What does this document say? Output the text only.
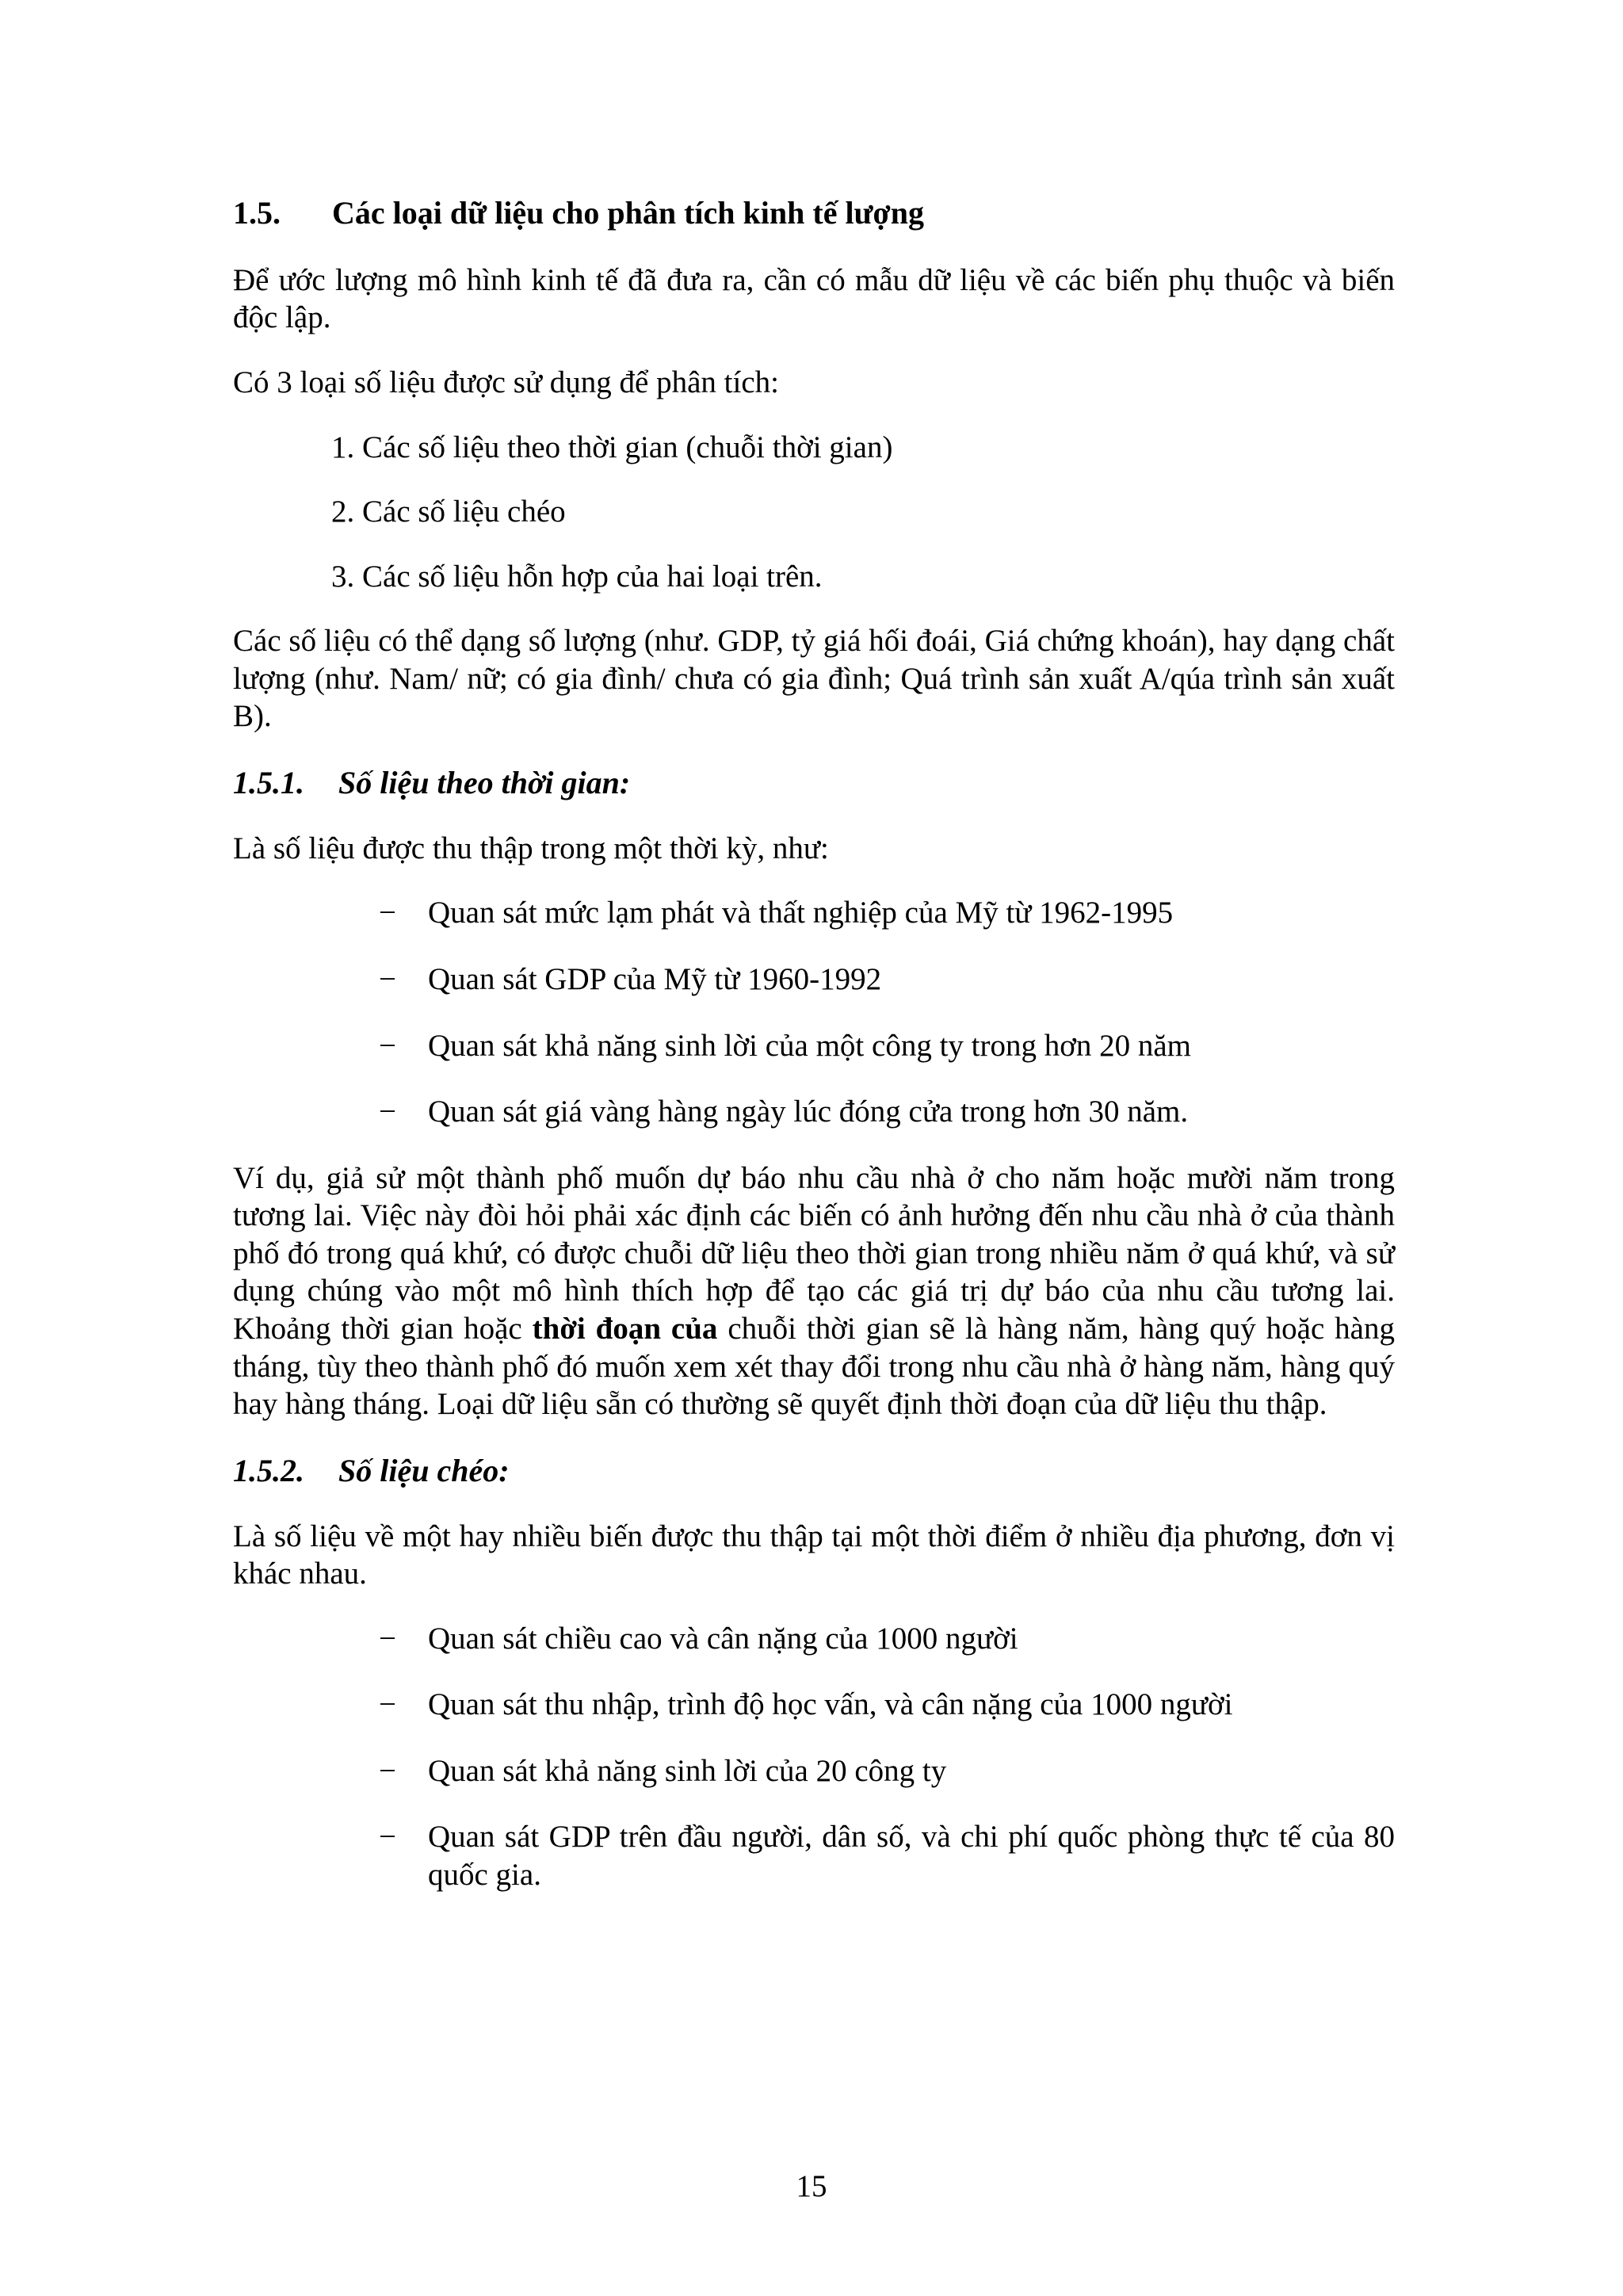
1.5. Các loại dữ liệu cho phân tích kinh tế lượng

Để ước lượng mô hình kinh tế đã đưa ra, cần có mẫu dữ liệu về các biến phụ thuộc và biến độc lập.

Có 3 loại số liệu được sử dụng để phân tích:

1. Các số liệu theo thời gian (chuỗi thời gian)
2. Các số liệu chéo
3. Các số liệu hỗn hợp của hai loại trên.

Các số liệu có thể dạng số lượng (như. GDP, tỷ giá hối đoái, Giá chứng khoán), hay dạng chất lượng (như. Nam/ nữ; có gia đình/ chưa có gia đình; Quá trình sản xuất A/qúa trình sản xuất B).

1.5.1. Số liệu theo thời gian:

Là số liệu được thu thập trong một thời kỳ, như:

− Quan sát mức lạm phát và thất nghiệp của Mỹ từ 1962-1995
− Quan sát GDP của Mỹ từ 1960-1992
− Quan sát khả năng sinh lời của một công ty trong hơn 20 năm
− Quan sát giá vàng hàng ngày lúc đóng cửa trong hơn 30 năm.

Ví dụ, giả sử một thành phố muốn dự báo nhu cầu nhà ở cho năm hoặc mười năm trong tương lai. Việc này đòi hỏi phải xác định các biến có ảnh hưởng đến nhu cầu nhà ở của thành phố đó trong quá khứ, có được chuỗi dữ liệu theo thời gian trong nhiều năm ở quá khứ, và sử dụng chúng vào một mô hình thích hợp để tạo các giá trị dự báo của nhu cầu tương lai. Khoảng thời gian hoặc thời đoạn của chuỗi thời gian sẽ là hàng năm, hàng quý hoặc hàng tháng, tùy theo thành phố đó muốn xem xét thay đổi trong nhu cầu nhà ở hàng năm, hàng quý hay hàng tháng. Loại dữ liệu sẵn có thường sẽ quyết định thời đoạn của dữ liệu thu thập.

1.5.2. Số liệu chéo:

Là số liệu về một hay nhiều biến được thu thập tại một thời điểm ở nhiều địa phương, đơn vị khác nhau.

− Quan sát chiều cao và cân nặng của 1000 người
− Quan sát thu nhập, trình độ học vấn, và cân nặng của 1000 người
− Quan sát khả năng sinh lời của 20 công ty
− Quan sát GDP trên đầu người, dân số, và chi phí quốc phòng thực tế của 80 quốc gia.
15
